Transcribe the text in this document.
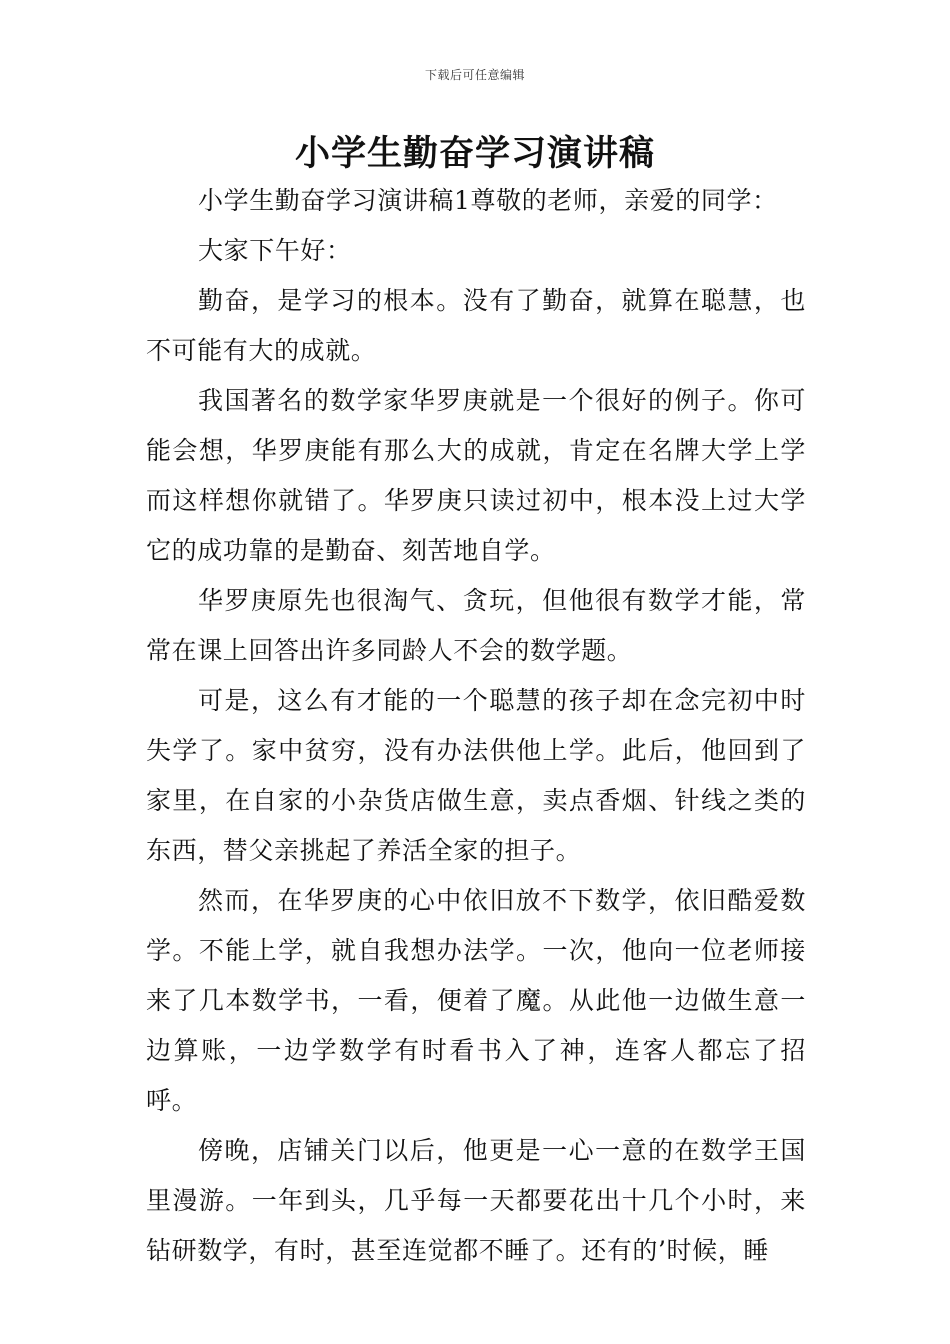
下载后可任意编辑
小学生勤奋学习演讲稿

小学生勤奋学习演讲稿1尊敬的老师，亲爱的同学：

大家下午好：

勤奋，是学习的根本。没有了勤奋，就算在聪慧，也不可能有大的成就。

我国著名的数学家华罗庚就是一个很好的例子。你可能会想，华罗庚能有那么大的成就，肯定在名牌大学上学而这样想你就错了。华罗庚只读过初中，根本没上过大学它的成功靠的是勤奋、刻苦地自学。

华罗庚原先也很淘气、贪玩，但他很有数学才能，常常在课上回答出许多同龄人不会的数学题。

可是，这么有才能的一个聪慧的孩子却在念完初中时失学了。家中贫穷，没有办法供他上学。此后，他回到了家里，在自家的小杂货店做生意，卖点香烟、针线之类的东西，替父亲挑起了养活全家的担子。

然而，在华罗庚的心中依旧放不下数学，依旧酷爱数学。不能上学，就自我想办法学。一次，他向一位老师接来了几本数学书，一看，便着了魔。从此他一边做生意一边算账，一边学数学有时看书入了神，连客人都忘了招呼。

傍晚，店铺关门以后，他更是一心一意的在数学王国里漫游。一年到头，几乎每一天都要花出十几个小时，来钻研数学，有时，甚至连觉都不睡了。还有的’时候，睡
